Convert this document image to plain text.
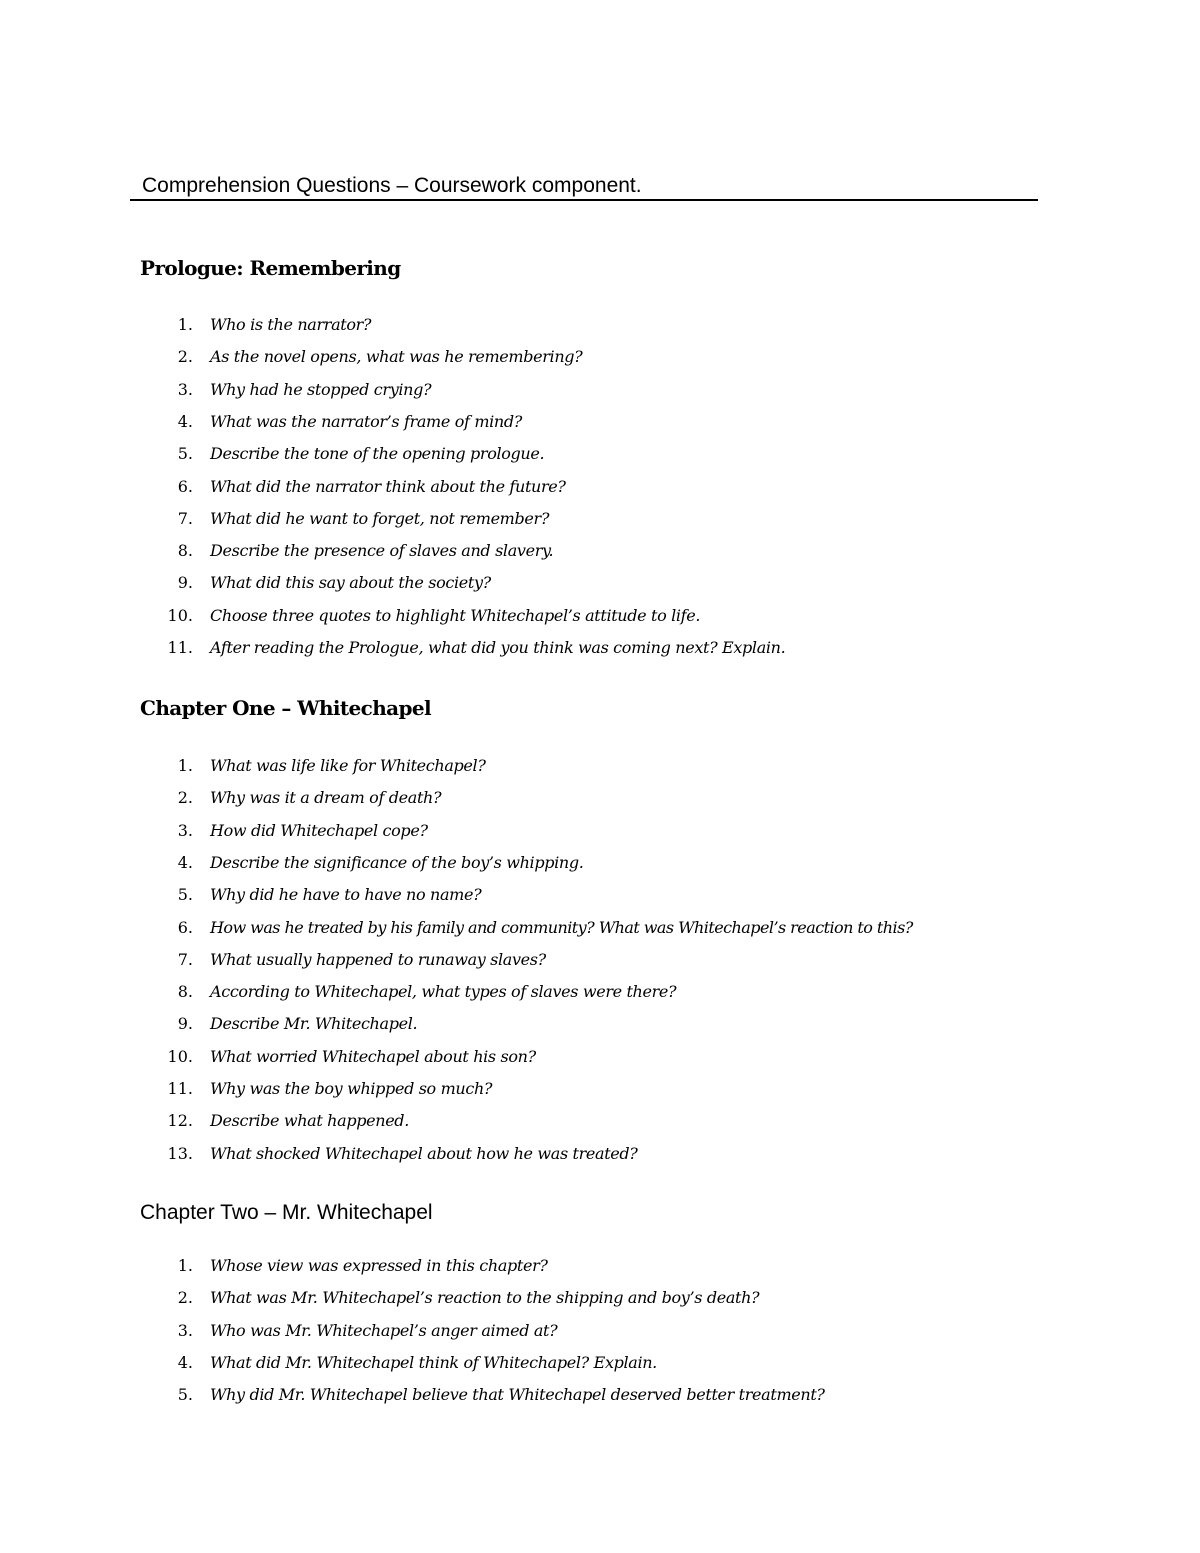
Comprehension Questions – Coursework component.
Prologue: Remembering
1. Who is the narrator?
2. As the novel opens, what was he remembering?
3. Why had he stopped crying?
4. What was the narrator’s frame of mind?
5. Describe the tone of the opening prologue.
6. What did the narrator think about the future?
7. What did he want to forget, not remember?
8. Describe the presence of slaves and slavery.
9. What did this say about the society?
10. Choose three quotes to highlight Whitechapel’s attitude to life.
11. After reading the Prologue, what did you think was coming next? Explain.
Chapter One – Whitechapel
1. What was life like for Whitechapel?
2. Why was it a dream of death?
3. How did Whitechapel cope?
4. Describe the significance of the boy’s whipping.
5. Why did he have to have no name?
6. How was he treated by his family and community? What was Whitechapel’s reaction to this?
7. What usually happened to runaway slaves?
8. According to Whitechapel, what types of slaves were there?
9. Describe Mr. Whitechapel.
10. What worried Whitechapel about his son?
11. Why was the boy whipped so much?
12. Describe what happened.
13. What shocked Whitechapel about how he was treated?
Chapter Two – Mr. Whitechapel
1. Whose view was expressed in this chapter?
2. What was Mr. Whitechapel’s reaction to the shipping and boy’s death?
3. Who was Mr. Whitechapel’s anger aimed at?
4. What did Mr. Whitechapel think of Whitechapel? Explain.
5. Why did Mr. Whitechapel believe that Whitechapel deserved better treatment?
